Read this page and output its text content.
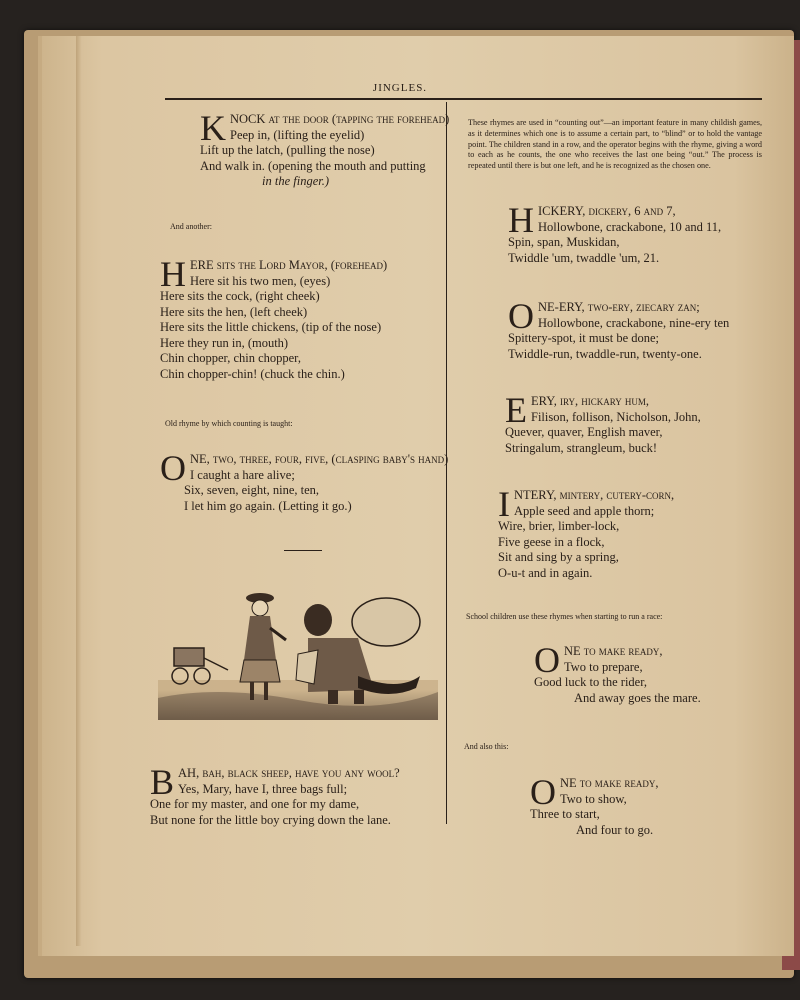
JINGLES.
K NOCK at the door (tapping the forehead)
Peep in, (lifting the eyelid)
Lift up the latch, (pulling the nose)
And walk in. (opening the mouth and putting
in the finger.)
And another:
H ERE sits the Lord Mayor, (forehead)
Here sit his two men, (eyes)
Here sits the cock, (right cheek)
Here sits the hen, (left cheek)
Here sits the little chickens, (tip of the nose)
Here they run in, (mouth)
Chin chopper, chin chopper,
Chin chopper-chin! (chuck the chin.)
Old rhyme by which counting is taught:
O NE, two, three, four, five, (clasping baby's hand)
I caught a hare alive;
Six, seven, eight, nine, ten,
I let him go again. (Letting it go.)
B AH, bah, black sheep, have you any wool?
Yes, Mary, have I, three bags full;
One for my master, and one for my dame,
But none for the little boy crying down the lane.
These rhymes are used in “counting out”—an important feature in many childish games, as it determines which one is to assume a certain part, to “blind” or to hold the vantage point. The children stand in a row, and the operator begins with the rhyme, giving a word to each as he counts, the one who receives the last one being “out.” The process is repeated until there is but one left, and he is recognized as the chosen one.
H ICKERY, dickery, 6 and 7,
Hollowbone, crackabone, 10 and 11,
Spin, span, Muskidan,
Twiddle 'um, twaddle 'um, 21.
O NE-ERY, two-ery, ziecary zan;
Hollowbone, crackabone, nine-ery ten
Spittery-spot, it must be done;
Twiddle-run, twaddle-run, twenty-one.
E ERY, iry, hickary hum,
Filison, follison, Nicholson, John,
Quever, quaver, English maver,
Stringalum, strangleum, buck!
I NTERY, mintery, cutery-corn,
Apple seed and apple thorn;
Wire, brier, limber-lock,
Five geese in a flock,
Sit and sing by a spring,
O-u-t and in again.
School children use these rhymes when starting to run a race:
O NE to make ready,
Two to prepare,
Good luck to the rider,
And away goes the mare.
And also this:
O NE to make ready,
Two to show,
Three to start,
And four to go.
